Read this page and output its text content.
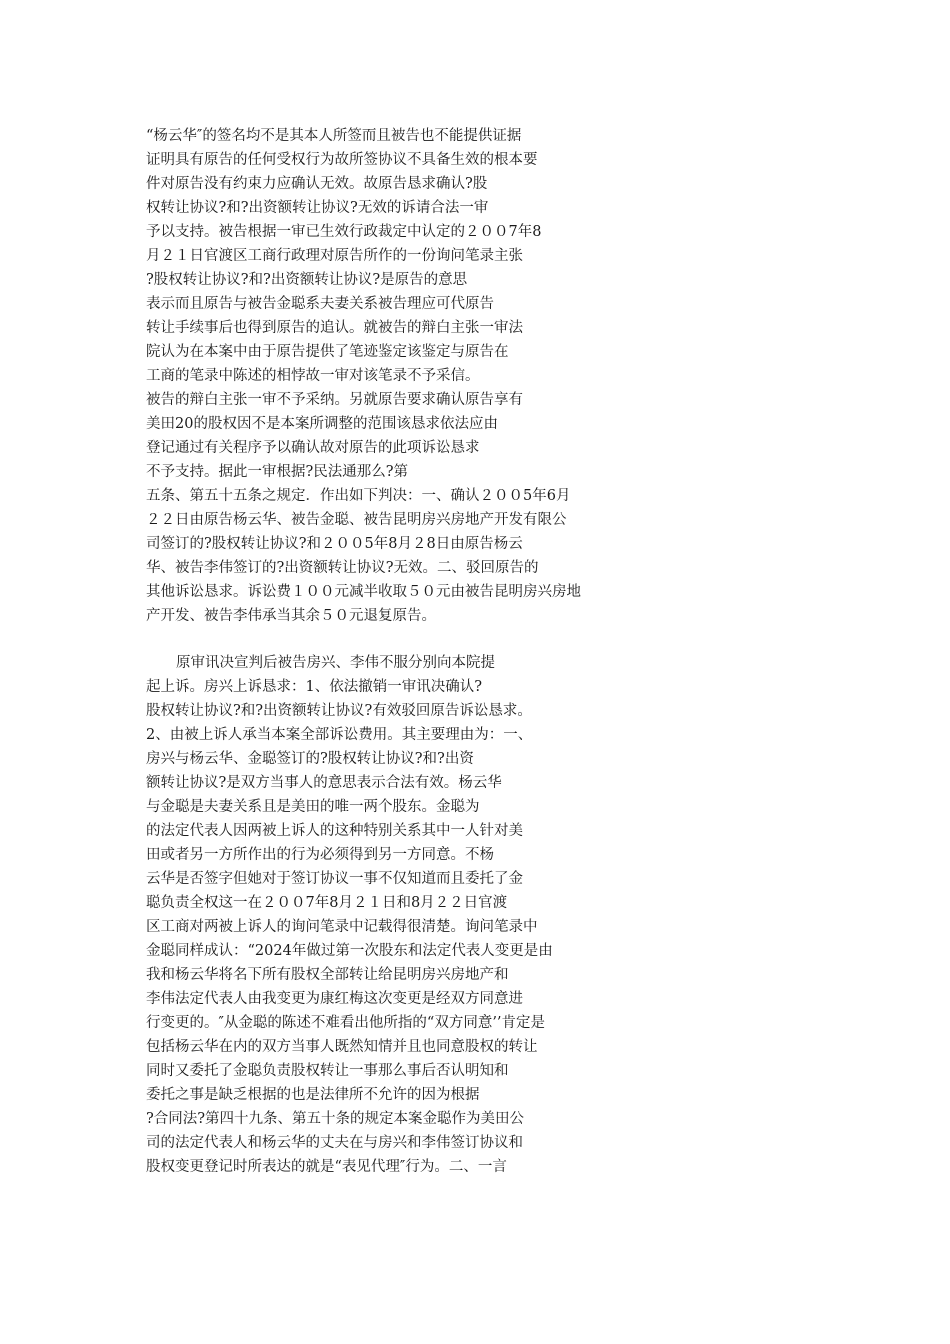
“杨云华″的签名均不是其本人所签而且被告也不能提供证据
证明具有原告的任何受权行为故所签协议不具备生效的根本要
件对原告没有约束力应确认无效。故原告恳求确认?股
权转让协议?和?出资额转让协议?无效的诉请合法一审
予以支持。被告根据一审已生效行政裁定中认定的２００7年8
月２１日官渡区工商行政理对原告所作的一份询问笔录主张
?股权转让协议?和?出资额转让协议?是原告的意思
表示而且原告与被告金聪系夫妻关系被告理应可代原告
转让手续事后也得到原告的追认。就被告的辩白主张一审法
院认为在本案中由于原告提供了笔迹鉴定该鉴定与原告在
工商的笔录中陈述的相悖故一审对该笔录不予采信。
被告的辩白主张一审不予采纳。另就原告要求确认原告享有
美田20的股权因不是本案所调整的范围该恳求依法应由
登记通过有关程序予以确认故对原告的此项诉讼恳求
不予支持。据此一审根据?民法通那么?第
五条、第五十五条之规定．作出如下判决：一、确认２００5年6月
２２日由原告杨云华、被告金聪、被告昆明房兴房地产开发有限公
司签订的?股权转让协议?和２００5年8月２8日由原告杨云
华、被告李伟签订的?出资额转让协议?无效。二、驳回原告的
其他诉讼恳求。诉讼费１００元减半收取５０元由被告昆明房兴房地
产开发、被告李伟承当其余５０元退复原告。
原审讯决宣判后被告房兴、李伟不服分别向本院提
起上诉。房兴上诉恳求：1、依法撤销一审讯决确认?
股权转让协议?和?出资额转让协议?有效驳回原告诉讼恳求。
2、由被上诉人承当本案全部诉讼费用。其主要理由为：一、
房兴与杨云华、金聪签订的?股权转让协议?和?出资
额转让协议?是双方当事人的意思表示合法有效。杨云华
与金聪是夫妻关系且是美田的唯一两个股东。金聪为
的法定代表人因两被上诉人的这种特别关系其中一人针对美
田或者另一方所作出的行为必须得到另一方同意。不杨
云华是否签字但她对于签订协议一事不仅知道而且委托了金
聪负责全权这一在２００7年8月２１日和8月２２日官渡
区工商对两被上诉人的询问笔录中记载得很清楚。询问笔录中
金聪同样成认：“2024年做过第一次股东和法定代表人变更是由
我和杨云华将名下所有股权全部转让给昆明房兴房地产和
李伟法定代表人由我变更为康红梅这次变更是经双方同意进
行变更的。″从金聪的陈述不难看出他所指的“双方同意’’肯定是
包括杨云华在内的双方当事人既然知情并且也同意股权的转让
同时又委托了金聪负责股权转让一事那么事后否认明知和
委托之事是缺乏根据的也是法律所不允许的因为根据
?合同法?第四十九条、第五十条的规定本案金聪作为美田公
司的法定代表人和杨云华的丈夫在与房兴和李伟签订协议和
股权变更登记时所表达的就是“表见代理″行为。二、一言
